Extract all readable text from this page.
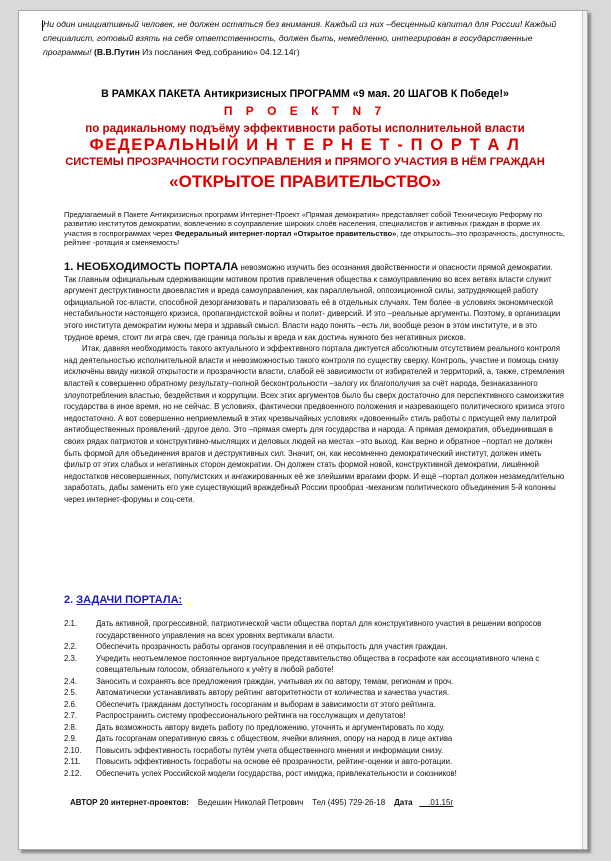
Ни один инициативный человек, не должен остаться без внимания. Каждый из них –бесценный капитал для России! Каждый специалист, готовый взять на себя ответственность, должен быть, немедленно, интегрирован в государственные программы! (В.В.Путин Из послания Фед.собранию» 04.12.14г)
В РАМКАХ ПАКЕТА Антикризисных ПРОГРАММ «9 мая. 20 ШАГОВ К Победе!»
П Р О Е К Т N 7
по радикальному подъёму эффективности работы исполнительной власти
ФЕДЕРАЛЬНЫЙ И Н Т Е Р Н Е Т - П О Р Т А Л
СИСТЕМЫ ПРОЗРАЧНОСТИ ГОСУПРАВЛЕНИЯ и ПРЯМОГО УЧАСТИЯ В НЁМ ГРАЖДАН
«ОТКРЫТОЕ ПРАВИТЕЛЬСТВО»
Предлагаемый в Пакете Антикризисных программ Интернет-Проект «Прямая демократия» представляет собой Техническую Реформу по развитию институтов демократии, вовлечению в соуправление широких слоёв населения, специалистов и активных граждан в форме их участия в госпрограммах через Федеральный интернет-портал «Открытое правительство», где открытость–это прозрачность, доступность, рейтинг -ротация и сменяемость!

1. НЕОБХОДИМОСТЬ ПОРТАЛА невозможно изучить без осознания двойственности и опасности прямой демократии. Так главным официальным сдерживающим мотивом против привлечения общества к самоуправлению во всех ветвях власти служит аргумент деструктивности двоевластия и вреда самоуправления, как параллельной, оппозиционной силы, затрудняющей работу официальной гос-власти, способной дезорганизовать и парализовать её в отдельных случаях. Тем более -в условиях экономической нестабильности настоящего кризиса, пропагандистской войны и полит- диверсий. И это –реальные аргументы. Поэтому, в организации этого института демократии нужны мера и здравый смысл. Власти надо понять –есть ли, вообще резон в этом институте, и в это трудное время, стоит ли игра свеч, где граница пользы и вреда и как достичь нужного без негативных рисков.

Итак, давняя необходимость такого актуального и эффективного портала диктуется абсолютным отсутствием реального контроля над деятельностью исполнительной власти и невозможностью такого контроля по существу сверху. Контроль, участие и помощь снизу исключёны ввиду низкой открытости и прозрачности власти, слабой её зависимости от избирателей и территорий, а, также, стремления властей к совершенно обратному результату–полной бесконтрольности –залогу их благополучия за счёт народа, безнаказанного злоупотребления властью, бездействия и коррупции. Всех этих аргументов было бы сверх достаточно для перспективного самоизжития государства в иное время, но не сейчас. В условиях, фактически предвоенного положения и назревающего политического кризиса этого недостаточно. А вот совершенно неприемлемый в этих чрезвычайных условиях «довоенный» стиль работы с присущей ему палитрой антиобщественных проявлений -другое дело. Это –прямая смерть для государства и народа. А прямая демократия, объединившая в своих рядах патриотов и конструктивно-мыслящих и деловых людей на местах –это выход. Как верно и обратное –портал не должен быть формой для объединения врагов и деструктивных сил. Значит, он, как несомненно демократический институт, должен иметь фильтр от этих слабых и негативных сторон демократии. Он должен стать формой новой, конструктивной демократии, лишённой недостатков несовершенных, популистских и ангажированных её же злейшими врагами форм. И ещё –портал должен незамедлительно заработать, дабы заменить его уже существующий враждебный России прообраз -механизм политического объединения 5-й колонны через интернет-форумы и соц-сети.

2. ЗАДАЧИ ПОРТАЛА:
2.1.	Дать активной, прогрессивной, патриотической части общества портал для конструктивного участия в решении вопросов государственного управления на всех уровнях вертикали власти.
2.2.	Обеспечить прозрачность работы органов госуправления и её открытость для участия граждан.
2.3.	Учредить неотъемлемое постоянное виртуальное представительство общества в госрафоте как ассоциативного члена с совещательным голосом, обязательного к учёту в любой работе!
2.4.	Заносить и сохранять все предложения граждан, учитывая их по автору, темам, регионам и проч.
2.5.	Автоматически устанавливать автору рейтинг авторитетности от количества и качества участия.
2.6.	Обеспечить гражданам доступность госорганам и выборам в зависимости от этого рейтинга.
2.7.	Распространить систему профессионального рейтинга на госслужащих и депутатов!
2.8.	Дать возможность автору видеть работу по предложению, уточнять и аргументировать по ходу.
2.9.	Дать госорганам оперативную связь с обществом, ячейки влияния, опору на народ в лице актива
2.10.	Повысить эффективность госработы путём учета общественного мнения и информации снизу.
2.11.	Повысить эффективность госработы на основе её прозрачности, рейтинг-оценки и авто-ротации.
2.12.	Обеспечить успех Российской модели государства, рост имиджа, привлекательности и союзников!
АВТОР 20 интернет-проектов: Ведешин Николай Петрович Тел (495) 729-26-18 Дата __.01.15г
